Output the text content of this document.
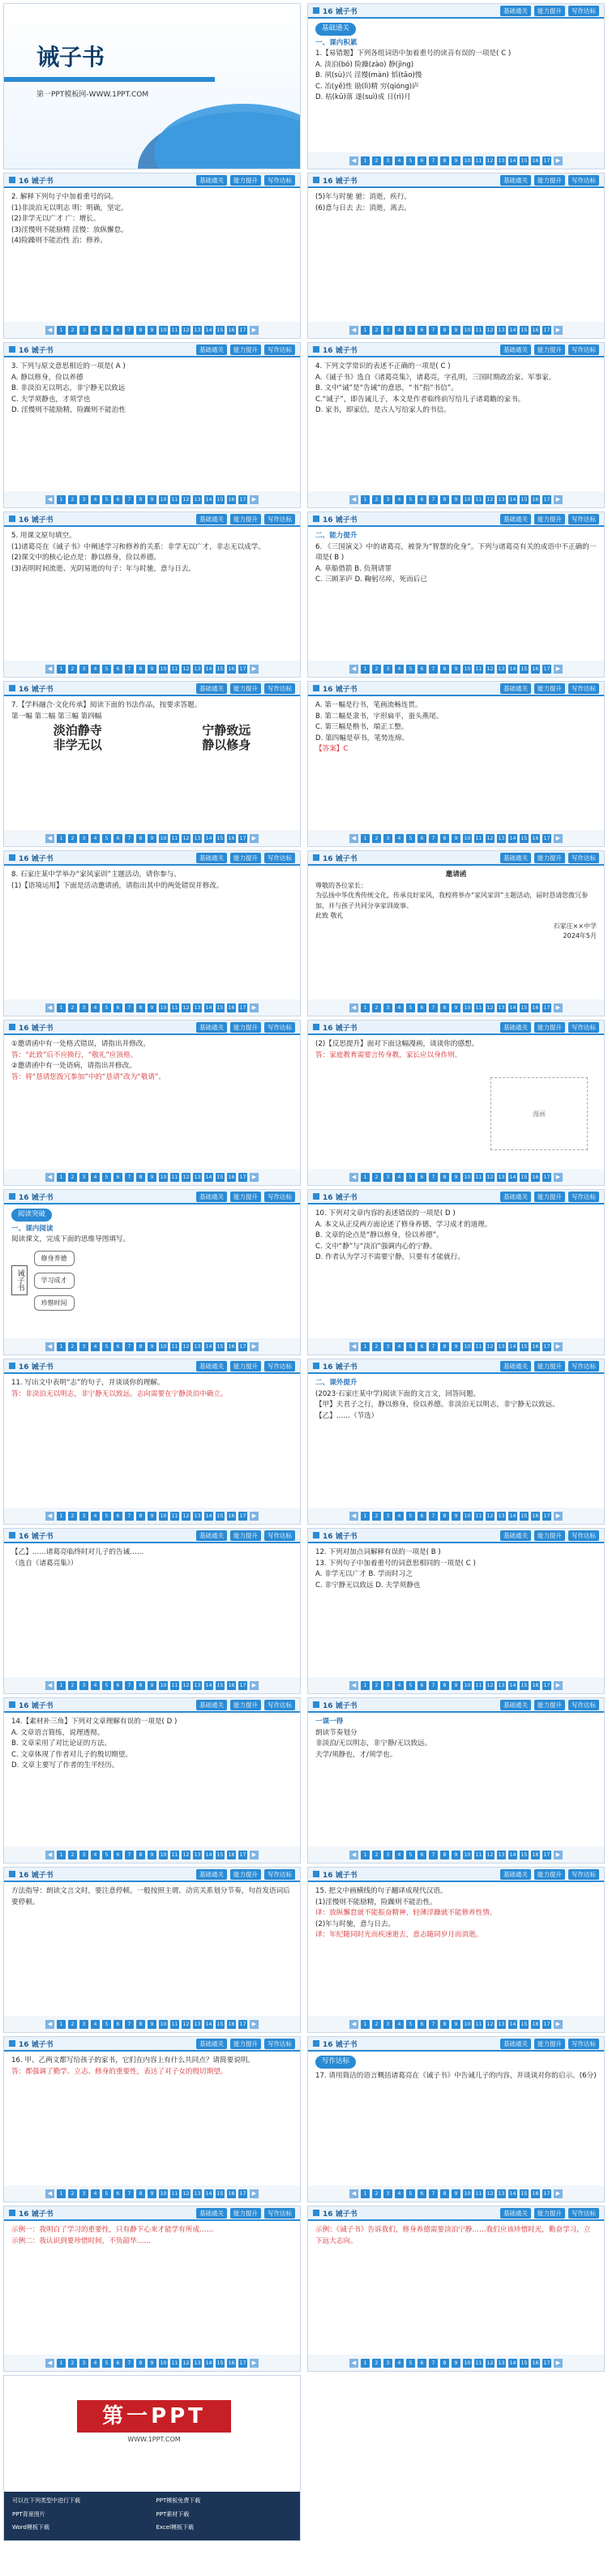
诫子书
第一PPT模板网-WWW.1PPT.COM
16 诫子书	基础通关	能力提升	写作达标
基础通关
一、课内积累
1.【易错题】下列各组词语中加着重号的读音有误的一项是( C )
A. 淡泊(bó) 险躁(zào) 静(jìng)
B. 夙(sù)兴 淫慢(màn) 慆(tāo)慢
C. 冶(yě)性 励(lì)精 穷(qióng)庐
D. 枯(kū)落 遂(suì)成 日(rì)月
◀	1	2	3	4	5	6	7	8	9	10 11 12 13 14 15 16 17	▶
16 诫子书	基础通关	能力提升	写作达标
2. 解释下列句子中加着重号的词。
(1)非淡泊无以明志 明：明确，坚定。
(2)非学无以广才 广：增长。
(3)淫慢则不能励精 淫慢：放纵懈怠。
(4)险躁则不能治性 治：修养。
◀	1	2	3	4	5	6	7	8	9	10 11 12 13 14 15 16 17	▶
16 诫子书	基础通关	能力提升	写作达标
(5)年与时驰 驰：消逝，疾行。
(6)意与日去 去：消逝，离去。
◀	1	2	3	4	5	6	7	8	9	10 11 12 13 14 15 16 17	▶
16 诫子书	基础通关	能力提升	写作达标
3. 下列与原文意思相近的一项是( A )
A. 静以修身，俭以养德
B. 非淡泊无以明志，非宁静无以致远
C. 夫学须静也，才须学也
D. 淫慢则不能励精，险躁则不能治性
◀	1	2	3	4	5	6	7	8	9	10 11 12 13 14 15 16 17	▶
16 诫子书	基础通关	能力提升	写作达标
4. 下列文学常识的表述不正确的一项是( C )
A.《诫子书》选自《诸葛亮集》，诸葛亮，字孔明，三国时期政治家、军事家。
B. 文中“诫”是“告诫”的意思，“书”指“书信”。
C.“诫子”，即告诫儿子，本文是作者临终前写给儿子诸葛瞻的家书。
D. 家书，即家信，是古人写给家人的书信。
◀	1	2	3	4	5	6	7	8	9	10 11 12 13 14 15 16 17	▶
16 诫子书	基础通关	能力提升	写作达标
5. 用课文原句填空。
(1)诸葛亮在《诫子书》中阐述学习和修养的关系：非学无以广才，非志无以成学。
(2)课文中的核心论点是：静以修身，俭以养德。
(3)表明时间流逝、光阴易逝的句子：年与时驰，意与日去。
◀	1	2	3	4	5	6	7	8	9	10 11 12 13 14 15 16 17	▶
16 诫子书	基础通关	能力提升	写作达标
二、能力提升
6. 《三国演义》中的诸葛亮，被誉为“智慧的化身”。下列与诸葛亮有关的成语中不正确的一项是( B )
A. 草船借箭 B. 负荆请罪
C. 三顾茅庐 D. 鞠躬尽瘁，死而后已
◀	1	2	3	4	5	6	7	8	9	10 11 12 13 14 15 16 17	▶
16 诫子书	基础通关	能力提升	写作达标
7.【学科融合·文化传承】阅读下面的书法作品，按要求答题。
第一幅 第二幅 第三幅 第四幅
淡泊静寺	宁静致远
非学无以	静以修身
◀	1	2	3	4	5	6	7	8	9	10 11 12 13 14 15 16 17	▶
16 诫子书	基础通关	能力提升	写作达标
A. 第一幅是行书，笔画流畅连贯。
B. 第二幅是隶书，字形扁平，蚕头燕尾。
C. 第三幅是楷书，端正工整。
D. 第四幅是草书，笔势连绵。
【答案】C
◀	1	2	3	4	5	6	7	8	9	10 11 12 13 14 15 16 17	▶
16 诫子书	基础通关	能力提升	写作达标
8. 石家庄某中学举办“家风家训”主题活动，请你参与。
(1)【语境运用】下面是活动邀请函，请指出其中的两处错误并修改。
◀	1	2	3	4	5	6	7	8	9	10 11 12 13 14 15 16 17	▶
16 诫子书	基础通关	能力提升	写作达标
邀请函
尊敬的各位家长：
为弘扬中华优秀传统文化，传承良好家风，我校将举办“家风家训”主题活动，届时恳请您拨冗参加，并与孩子共同分享家训故事。
此致 敬礼
石家庄××中学
2024年5月
◀	1	2	3	4	5	6	7	8	9	10 11 12 13 14 15 16 17	▶
16 诫子书	基础通关	能力提升	写作达标
①邀请函中有一处格式错误，请指出并修改。
答：“此致”后不应换行，“敬礼”应顶格。
②邀请函中有一处语病，请指出并修改。
答：将“恳请您拨冗参加”中的“恳请”改为“敬请”。
◀	1	2	3	4	5	6	7	8	9	10 11 12 13 14 15 16 17	▶
16 诫子书	基础通关	能力提升	写作达标
(2)【反思提升】面对下面这幅漫画，谈谈你的感想。
答：家庭教育需要言传身教，家长应以身作则。
漫画
◀	1	2	3	4	5	6	7	8	9	10 11 12 13 14 15 16 17	▶
16 诫子书	基础通关	能力提升	写作达标
阅读突破
一、课内阅读
阅读课文，完成下面的思维导图填写。
诫子书
修身养德
学习成才
珍惜时间
◀	1	2	3	4	5	6	7	8	9	10 11 12 13 14 15 16 17	▶
16 诫子书	基础通关	能力提升	写作达标
10. 下列对文章内容的表述错误的一项是( D )
A. 本文从正反两方面论述了修身养德、学习成才的道理。
B. 文章的论点是“静以修身，俭以养德”。
C. 文中“静”与“淡泊”强调内心的宁静。
D. 作者认为学习不需要宁静，只要有才能就行。
◀	1	2	3	4	5	6	7	8	9	10 11 12 13 14 15 16 17	▶
16 诫子书	基础通关	能力提升	写作达标
11. 写出文中表明“志”的句子，并谈谈你的理解。
答：非淡泊无以明志，非宁静无以致远。志向需要在宁静淡泊中确立。
◀	1	2	3	4	5	6	7	8	9	10 11 12 13 14 15 16 17	▶
16 诫子书	基础通关	能力提升	写作达标
二、课外提升
(2023·石家庄某中学)阅读下面的文言文，回答问题。
【甲】夫君子之行，静以修身，俭以养德。非淡泊无以明志，非宁静无以致远。
【乙】……（节选）
◀	1	2	3	4	5	6	7	8	9	10 11 12 13 14 15 16 17	▶
16 诫子书	基础通关	能力提升	写作达标
【乙】……诸葛亮临终时对儿子的告诫……
（选自《诸葛亮集》）
◀	1	2	3	4	5	6	7	8	9	10 11 12 13 14 15 16 17	▶
16 诫子书	基础通关	能力提升	写作达标
12. 下列对加点词解释有误的一项是( B )
13. 下列句子中加着重号的词意思相同的一项是( C )
A. 非学无以广才 B. 学而时习之
C. 非宁静无以致远 D. 夫学须静也
◀	1	2	3	4	5	6	7	8	9	10 11 12 13 14 15 16 17	▶
16 诫子书	基础通关	能力提升	写作达标
14.【素材补三角】下列对文章理解有误的一项是( D )
A. 文章语言简练，说理透彻。
B. 文章采用了对比论证的方法。
C. 文章体现了作者对儿子的殷切期望。
D. 文章主要写了作者的生平经历。
◀	1	2	3	4	5	6	7	8	9	10 11 12 13 14 15 16 17	▶
16 诫子书	基础通关	能力提升	写作达标
一课一得
朗读节奏划分
非淡泊/无以明志，非宁静/无以致远。
夫学/须静也，才/须学也。
◀	1	2	3	4	5	6	7	8	9	10 11 12 13 14 15 16 17	▶
16 诫子书	基础通关	能力提升	写作达标
方法指导：朗读文言文时，要注意停顿。一般按照主谓、动宾关系划分节奏，句首发语词后要停顿。
◀	1	2	3	4	5	6	7	8	9	10 11 12 13 14 15 16 17	▶
16 诫子书	基础通关	能力提升	写作达标
15. 把文中画横线的句子翻译成现代汉语。
(1)淫慢则不能励精，险躁则不能治性。
译：放纵懈怠就不能振奋精神，轻薄浮躁就不能修养性情。
(2)年与时驰，意与日去。
译：年纪随同时光而疾速逝去，意志随同岁月而消逝。
◀	1	2	3	4	5	6	7	8	9	10 11 12 13 14 15 16 17	▶
16 诫子书	基础通关	能力提升	写作达标
16. 甲、乙两文都写给孩子的家书，它们在内容上有什么共同点？请简要说明。
答：都强调了勤学、立志、修身的重要性，表达了对子女的殷切期望。
◀	1	2	3	4	5	6	7	8	9	10 11 12 13 14 15 16 17	▶
16 诫子书	基础通关	能力提升	写作达标
写作达标
17. 请用简洁的语言概括诸葛亮在《诫子书》中告诫儿子的内容，并谈谈对你的启示。(6分)
◀	1	2	3	4	5	6	7	8	9	10 11 12 13 14 15 16 17	▶
16 诫子书	基础通关	能力提升	写作达标
示例一：我明白了学习的重要性，只有静下心来才能学有所成……
示例二：我认识到要珍惜时间，不负韶华……
◀	1	2	3	4	5	6	7	8	9	10 11 12 13 14 15 16 17	▶
16 诫子书	基础通关	能力提升	写作达标
示例：《诫子书》告诉我们，修身养德需要淡泊宁静……我们应该珍惜时光，勤奋学习，立下远大志向。
◀	1	2	3	4	5	6	7	8	9	10 11 12 13 14 15 16 17	▶
第一PPT
WWW.1PPT.COM
可以在下列类型中进行下载	PPT模板免费下载
PPT背景图片	PPT素材下载
Word模板下载	Excel模板下载
